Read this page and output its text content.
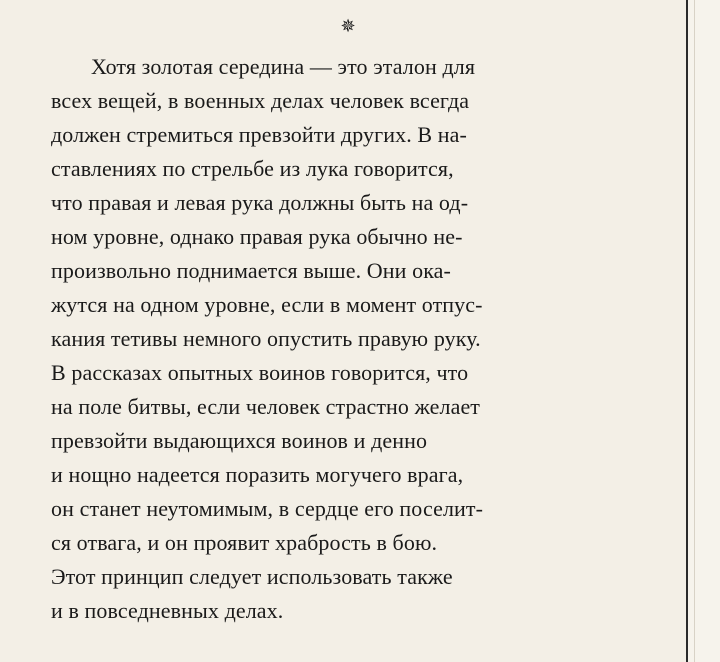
✵
Хотя золотая середина — это эталон для
всех вещей, в военных делах человек всегда
должен стремиться превзойти других. В на-
ставлениях по стрельбе из лука говорится,
что правая и левая рука должны быть на од-
ном уровне, однако правая рука обычно не-
произвольно поднимается выше. Они ока-
жутся на одном уровне, если в момент отпус-
кания тетивы немного опустить правую руку.
В рассказах опытных воинов говорится, что
на поле битвы, если человек страстно желает
превзойти выдающихся воинов и денно
и нощно надеется поразить могучего врага,
он станет неутомимым, в сердце его поселит-
ся отвага, и он проявит храбрость в бою.
Этот принцип следует использовать также
и в повседневных делах.
